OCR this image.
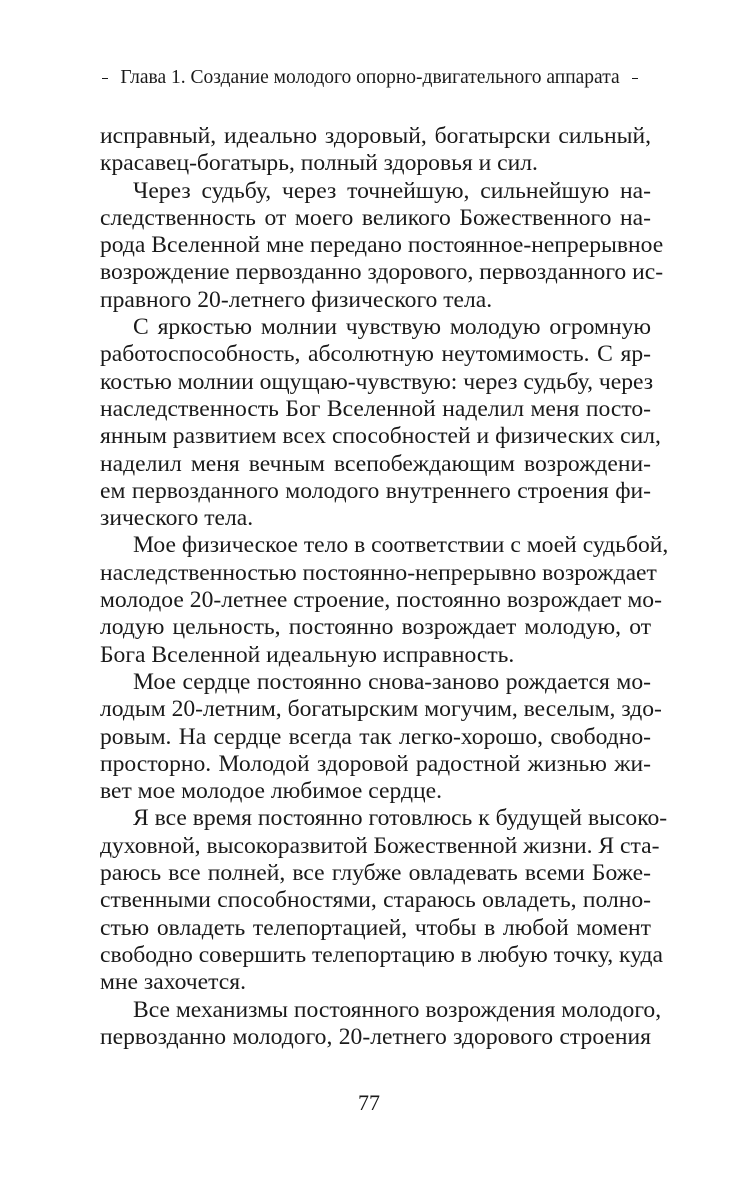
Глава 1. Создание молодого опорно-двигательного аппарата
исправный, идеально здоровый, богатырски сильный,
красавец-богатырь, полный здоровья и сил.
Через судьбу, через точнейшую, сильнейшую на-
следственность от моего великого Божественного на-
рода Вселенной мне передано постоянное-непрерывное
возрождение первозданно здорового, первозданного ис-
правного 20-летнего физического тела.
С яркостью молнии чувствую молодую огромную
работоспособность, абсолютную неутомимость. С яр-
костью молнии ощущаю-чувствую: через судьбу, через
наследственность Бог Вселенной наделил меня посто-
янным развитием всех способностей и физических сил,
наделил меня вечным всепобеждающим возрождени-
ем первозданного молодого внутреннего строения фи-
зического тела.
Мое физическое тело в соответствии с моей судьбой,
наследственностью постоянно-непрерывно возрождает
молодое 20-летнее строение, постоянно возрождает мо-
лодую цельность, постоянно возрождает молодую, от
Бога Вселенной идеальную исправность.
Мое сердце постоянно снова-заново рождается мо-
лодым 20-летним, богатырским могучим, веселым, здо-
ровым. На сердце всегда так легко-хорошо, свободно-
просторно. Молодой здоровой радостной жизнью жи-
вет мое молодое любимое сердце.
Я все время постоянно готовлюсь к будущей высоко-
духовной, высокоразвитой Божественной жизни. Я ста-
раюсь все полней, все глубже овладевать всеми Боже-
ственными способностями, стараюсь овладеть, полно-
стью овладеть телепортацией, чтобы в любой момент
свободно совершить телепортацию в любую точку, куда
мне захочется.
Все механизмы постоянного возрождения молодого,
первозданно молодого, 20-летнего здорового строения
77
